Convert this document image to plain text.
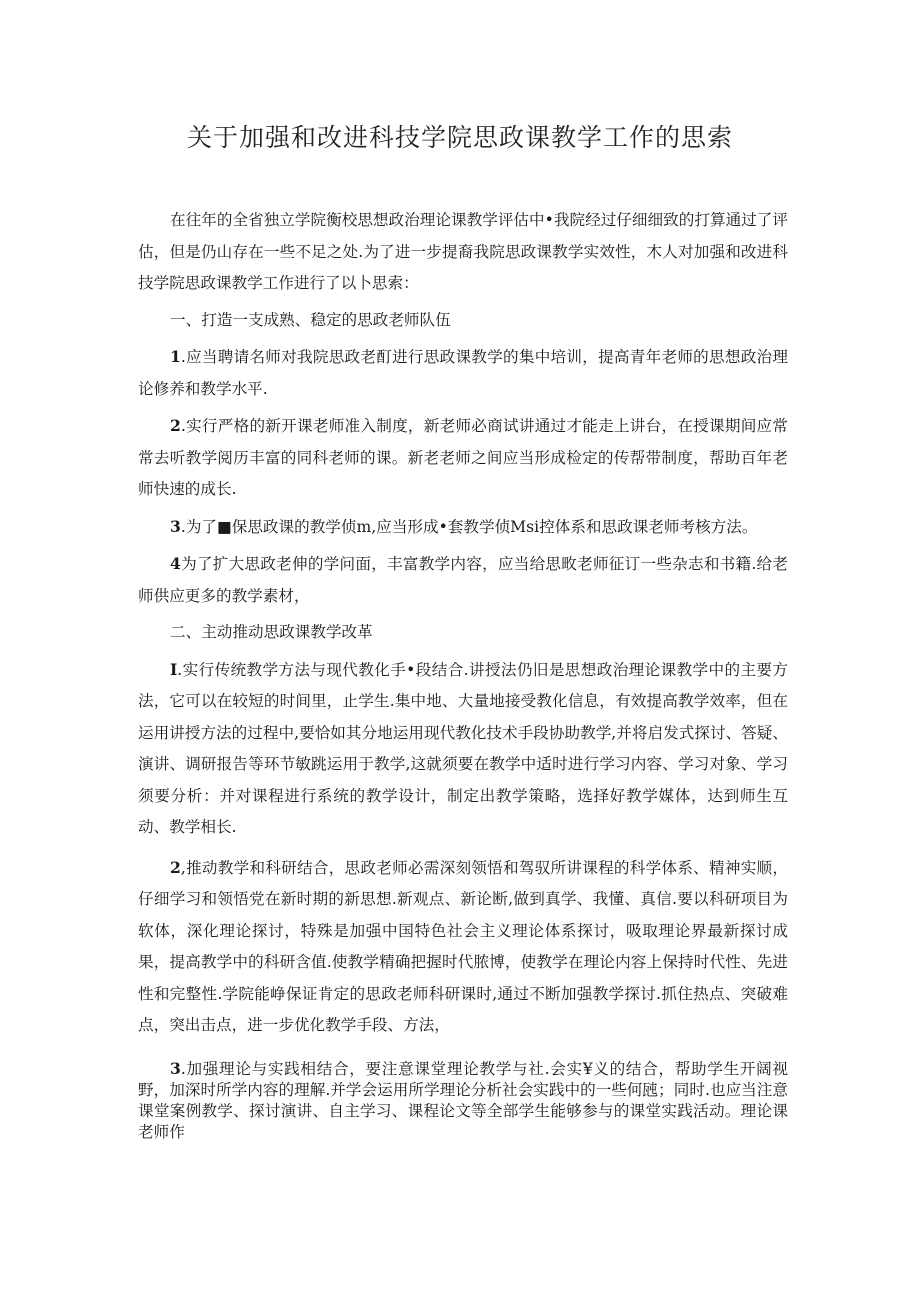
关于加强和改进科技学院思政课教学工作的思索

在往年的全省独立学院衡校思想政治理论课教学评估中•我院经过仔细细致的打算通过了评估，但是仍山存在一些不足之处.为了进一步提裔我院思政课教学实效性，木人对加强和改进科技学院思政课教学工作进行了以卜思索：

一、打造一支成熟、稳定的思政老师队伍

1.应当聘请名师对我院思政老酊进行思政课教学的集中培训，提高青年老师的思想政治理论修养和教学水平.

2.实行严格的新开课老师准入制度，新老师必商试讲通过才能走上讲台，在授课期间应常常去听教学阅历丰富的同科老师的课。新老老师之间应当形成检定的传帮带制度，帮助百年老师快速的成长.

3.为了■保思政课的教学侦m,应当形成•套教学侦Msi控体系和思政课老师考核方法。

4为了扩大思政老伸的学问面，丰富教学内容，应当给思畋老师征订一些杂志和书籍.给老师供应更多的教学素材，

二、主动推动思政课教学改革

I.实行传统教学方法与现代教化手•段结合.讲授法仍旧是思想政治理论课教学中的主要方法，它可以在较短的时间里，止学生.集中地、大量地接受教化信息，有效提高教学效率，但在运用讲授方法的过程中,要恰如其分地运用现代教化技术手段协助教学,并将启发式探讨、答疑、演讲、调研报告等环节敏跳运用于教学,这就须要在教学中适时进行学习内容、学习对象、学习须要分析：并对课程进行系统的教学设计，制定出教学策略，选择好教学媒体，达到师生互动、教学相长.

2,推动教学和科研结合，思政老师必需深刻领悟和驾驭所讲课程的科学体系、精神实顺，仔细学习和领悟党在新时期的新思想.新观点、新论断,做到真学、我懂、真信.要以科研项目为软体，深化理论探讨，特殊是加强中国特色社会主义理论体系探讨，吸取理论界最新探讨成果，提高教学中的科研含值.使教学精确把握时代脓博，使教学在理论内容上保持时代性、先进性和完整性.学院能峥保证肯定的思政老师科研课时,通过不断加强教学探讨.抓住热点、突破难点，突出击点，进一步优化教学手段、方法，

3.加强理论与实践相结合，要注意课堂理论教学与社.会实¥义的结合，帮助学生开阔视野，加深时所学内容的理解.并学会运用所学理论分析社会实践中的一些何瓲；同时.也应当注意课堂案例教学、探讨演讲、自主学习、课程论文等全部学生能够参与的课堂实践活动。理论课老师作
